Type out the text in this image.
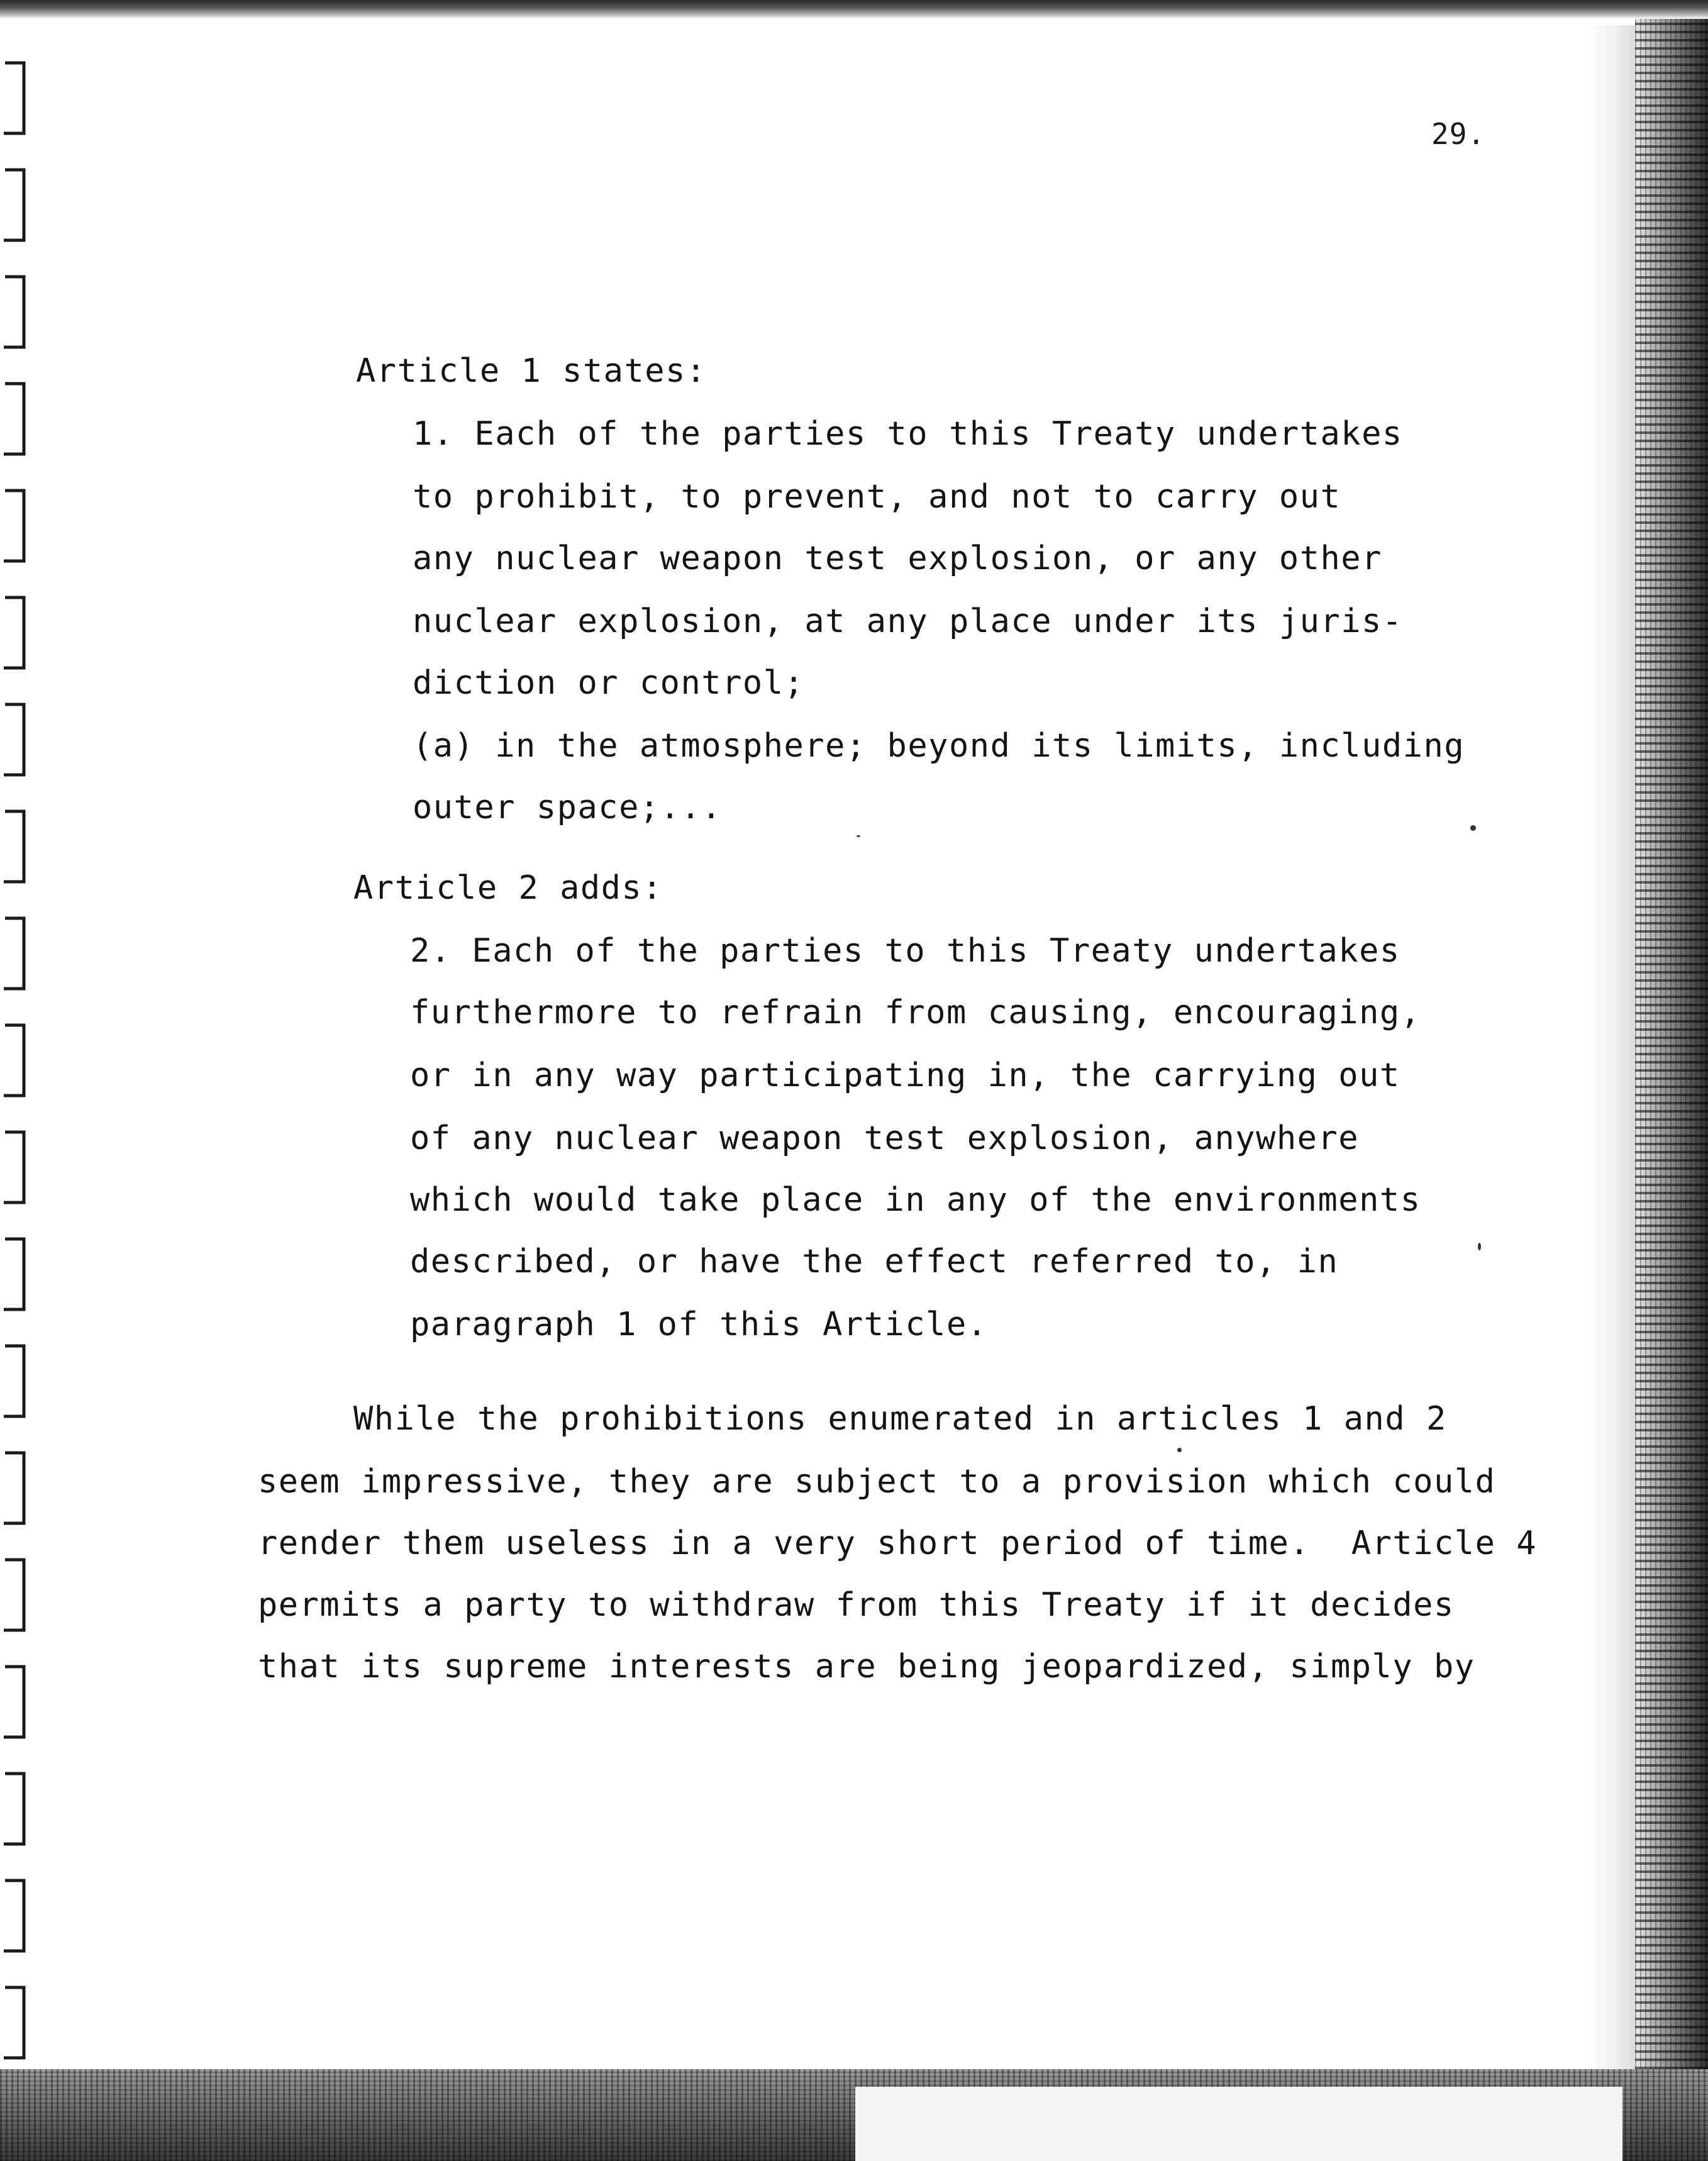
29.
Article 1 states:
1. Each of the parties to this Treaty undertakes
to prohibit, to prevent, and not to carry out
any nuclear weapon test explosion, or any other
nuclear explosion, at any place under its juris-
diction or control;
(a) in the atmosphere; beyond its limits, including
outer space;...
Article 2 adds:
2. Each of the parties to this Treaty undertakes
furthermore to refrain from causing, encouraging,
or in any way participating in, the carrying out
of any nuclear weapon test explosion, anywhere
which would take place in any of the environments
described, or have the effect referred to, in
paragraph 1 of this Article.
While the prohibitions enumerated in articles 1 and 2
seem impressive, they are subject to a provision which could
render them useless in a very short period of time.  Article 4
permits a party to withdraw from this Treaty if it decides
that its supreme interests are being jeopardized, simply by
